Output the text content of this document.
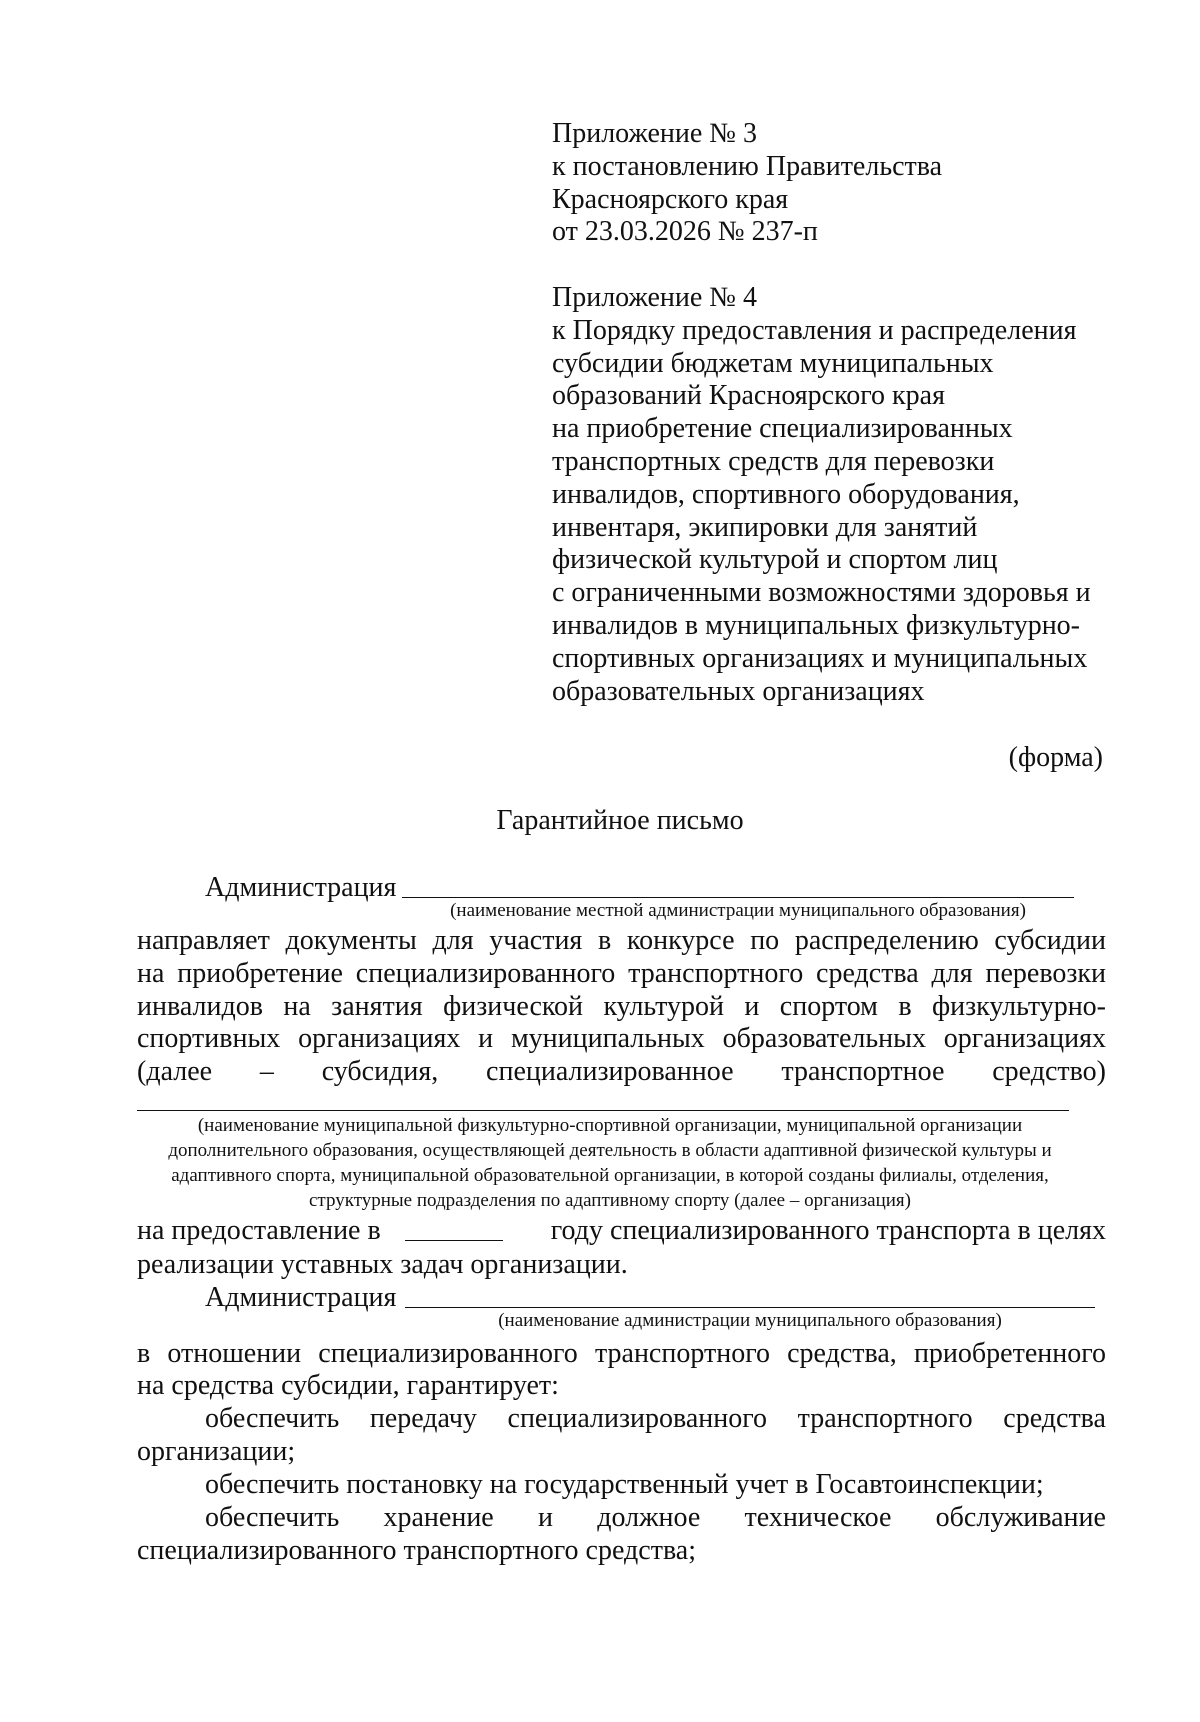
Приложение № 3
к постановлению Правительства
Красноярского края
от 23.03.2026 № 237-п
Приложение № 4
к Порядку предоставления и распределения
субсидии бюджетам муниципальных
образований Красноярского края
на приобретение специализированных
транспортных средств для перевозки
инвалидов, спортивного оборудования,
инвентаря, экипировки для занятий
физической культурой и спортом лиц
с ограниченными возможностями здоровья и
инвалидов в муниципальных физкультурно-
спортивных организациях и муниципальных
образовательных организациях
(форма)
Гарантийное письмо
Администрация
(наименование местной администрации муниципального образования)
направляет документы для участия в конкурсе по распределению субсидии
на приобретение специализированного транспортного средства для перевозки
инвалидов на занятия физической культурой и спортом в физкультурно-
спортивных организациях и муниципальных образовательных организациях
(далее – субсидия, специализированное транспортное средство)
(наименование муниципальной физкультурно-спортивной организации, муниципальной организации
дополнительного образования, осуществляющей деятельность в области адаптивной физической культуры и
адаптивного спорта, муниципальной образовательной организации, в которой созданы филиалы, отделения,
структурные подразделения по адаптивному спорту (далее – организация)
на предоставление в	году специализированного транспорта в целях
реализации уставных задач организации.
Администрация
(наименование администрации муниципального образования)
в отношении специализированного транспортного средства, приобретенного
на средства субсидии, гарантирует:
обеспечить передачу специализированного транспортного средства
организации;
обеспечить постановку на государственный учет в Госавтоинспекции;
обеспечить хранение и должное техническое обслуживание
специализированного транспортного средства;
